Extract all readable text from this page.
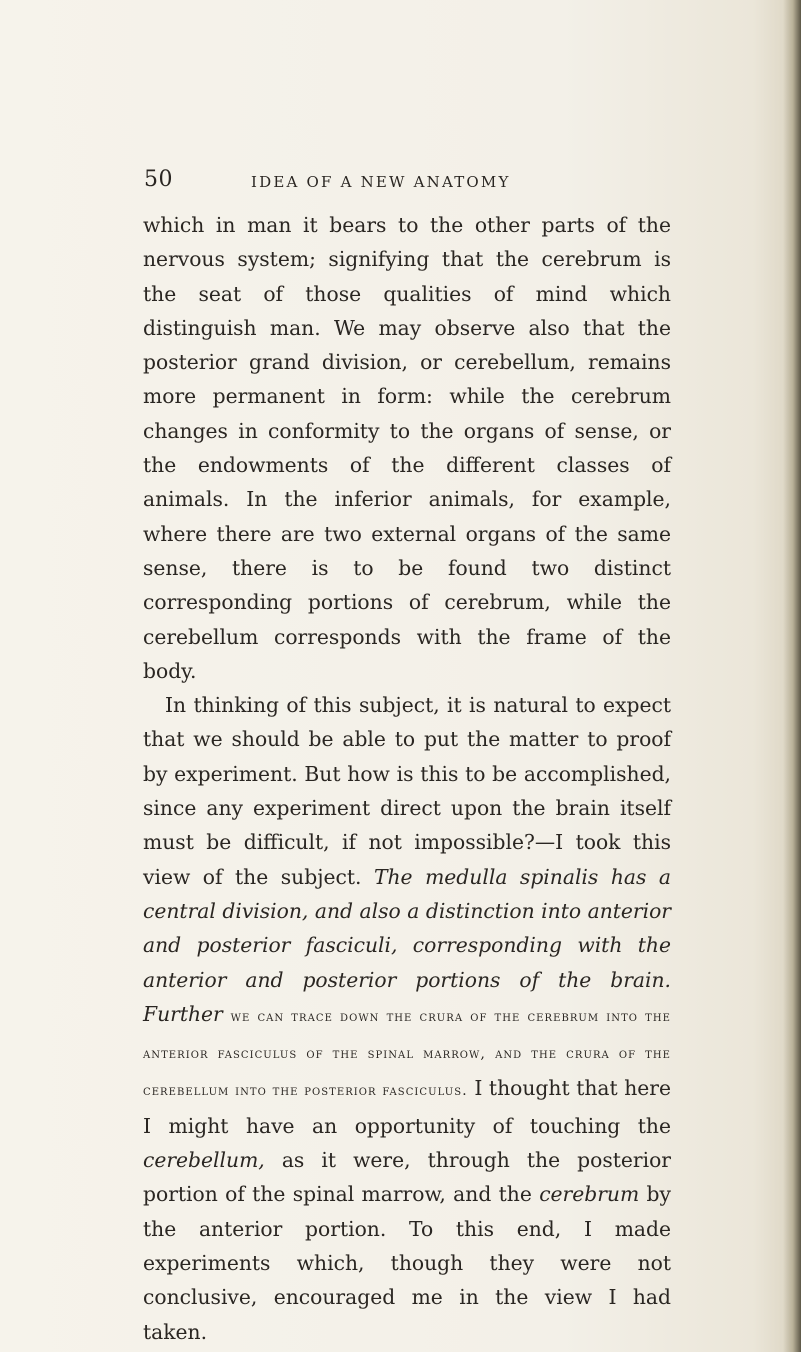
50	IDEA OF A NEW ANATOMY

which in man it bears to the other parts of the nervous system; signifying that the cerebrum is the seat of those qualities of mind which distinguish man. We may observe also that the posterior grand division, or cerebellum, remains more permanent in form: while the cerebrum changes in conformity to the organs of sense, or the endowments of the different classes of animals. In the inferior animals, for example, where there are two external organs of the same sense, there is to be found two distinct corresponding portions of cerebrum, while the cerebellum corresponds with the frame of the body.

In thinking of this subject, it is natural to expect that we should be able to put the matter to proof by experiment. But how is this to be accomplished, since any experiment direct upon the brain itself must be difficult, if not impossible?—I took this view of the subject. The medulla spinalis has a central division, and also a distinction into anterior and posterior fasciculi, corresponding with the anterior and posterior portions of the brain. Further we can trace down the crura of the cerebrum into the anterior fasciculus of the spinal marrow, and the crura of the cerebellum into the posterior fasciculus. I thought that here I might have an opportunity of touching the cerebellum, as it were, through the posterior portion of the spinal marrow, and the cerebrum by the anterior portion. To this end, I made experiments which, though they were not conclusive, encouraged me in the view I had taken.
